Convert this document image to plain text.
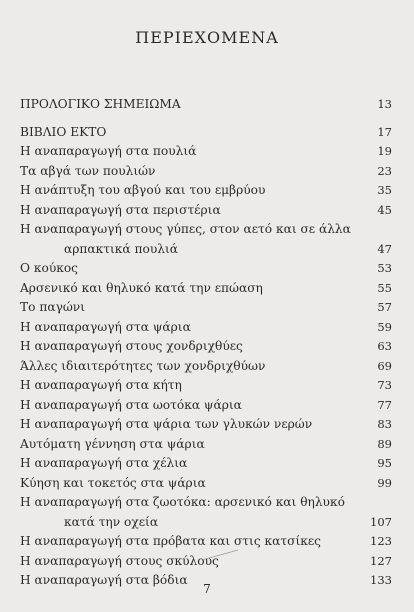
ΠΕΡΙΕΧΟΜΕΝΑ
ΠΡΟΛΟΓΙΚΟ ΣΗΜΕΙΩΜΑ	13
ΒΙΒΛΙΟ ΕΚΤΟ	17
Η αναπαραγωγή στα πουλιά	19
Τα αβγά των πουλιών	23
Η ανάπτυξη του αβγού και του εμβρύου	35
Η αναπαραγωγή στα περιστέρια	45
Η αναπαραγωγή στους γύπες, στον αετό και σε άλλα
αρπακτικά πουλιά	47
Ο κούκος	53
Αρσενικό και θηλυκό κατά την επώαση	55
Το παγώνι	57
Η αναπαραγωγή στα ψάρια	59
Η αναπαραγωγή στους χονδριχθύες	63
Άλλες ιδιαιτερότητες των χονδριχθύων	69
Η αναπαραγωγή στα κήτη	73
Η αναπαραγωγή στα ωοτόκα ψάρια	77
Η αναπαραγωγή στα ψάρια των γλυκών νερών	83
Αυτόματη γέννηση στα ψάρια	89
Η αναπαραγωγή στα χέλια	95
Κύηση και τοκετός στα ψάρια	99
Η αναπαραγωγή στα ζωοτόκα: αρσενικό και θηλυκό
κατά την οχεία	107
Η αναπαραγωγή στα πρόβατα και στις κατσίκες	123
Η αναπαραγωγή στους σκύλους	127
Η αναπαραγωγή στα βόδια	133
7
